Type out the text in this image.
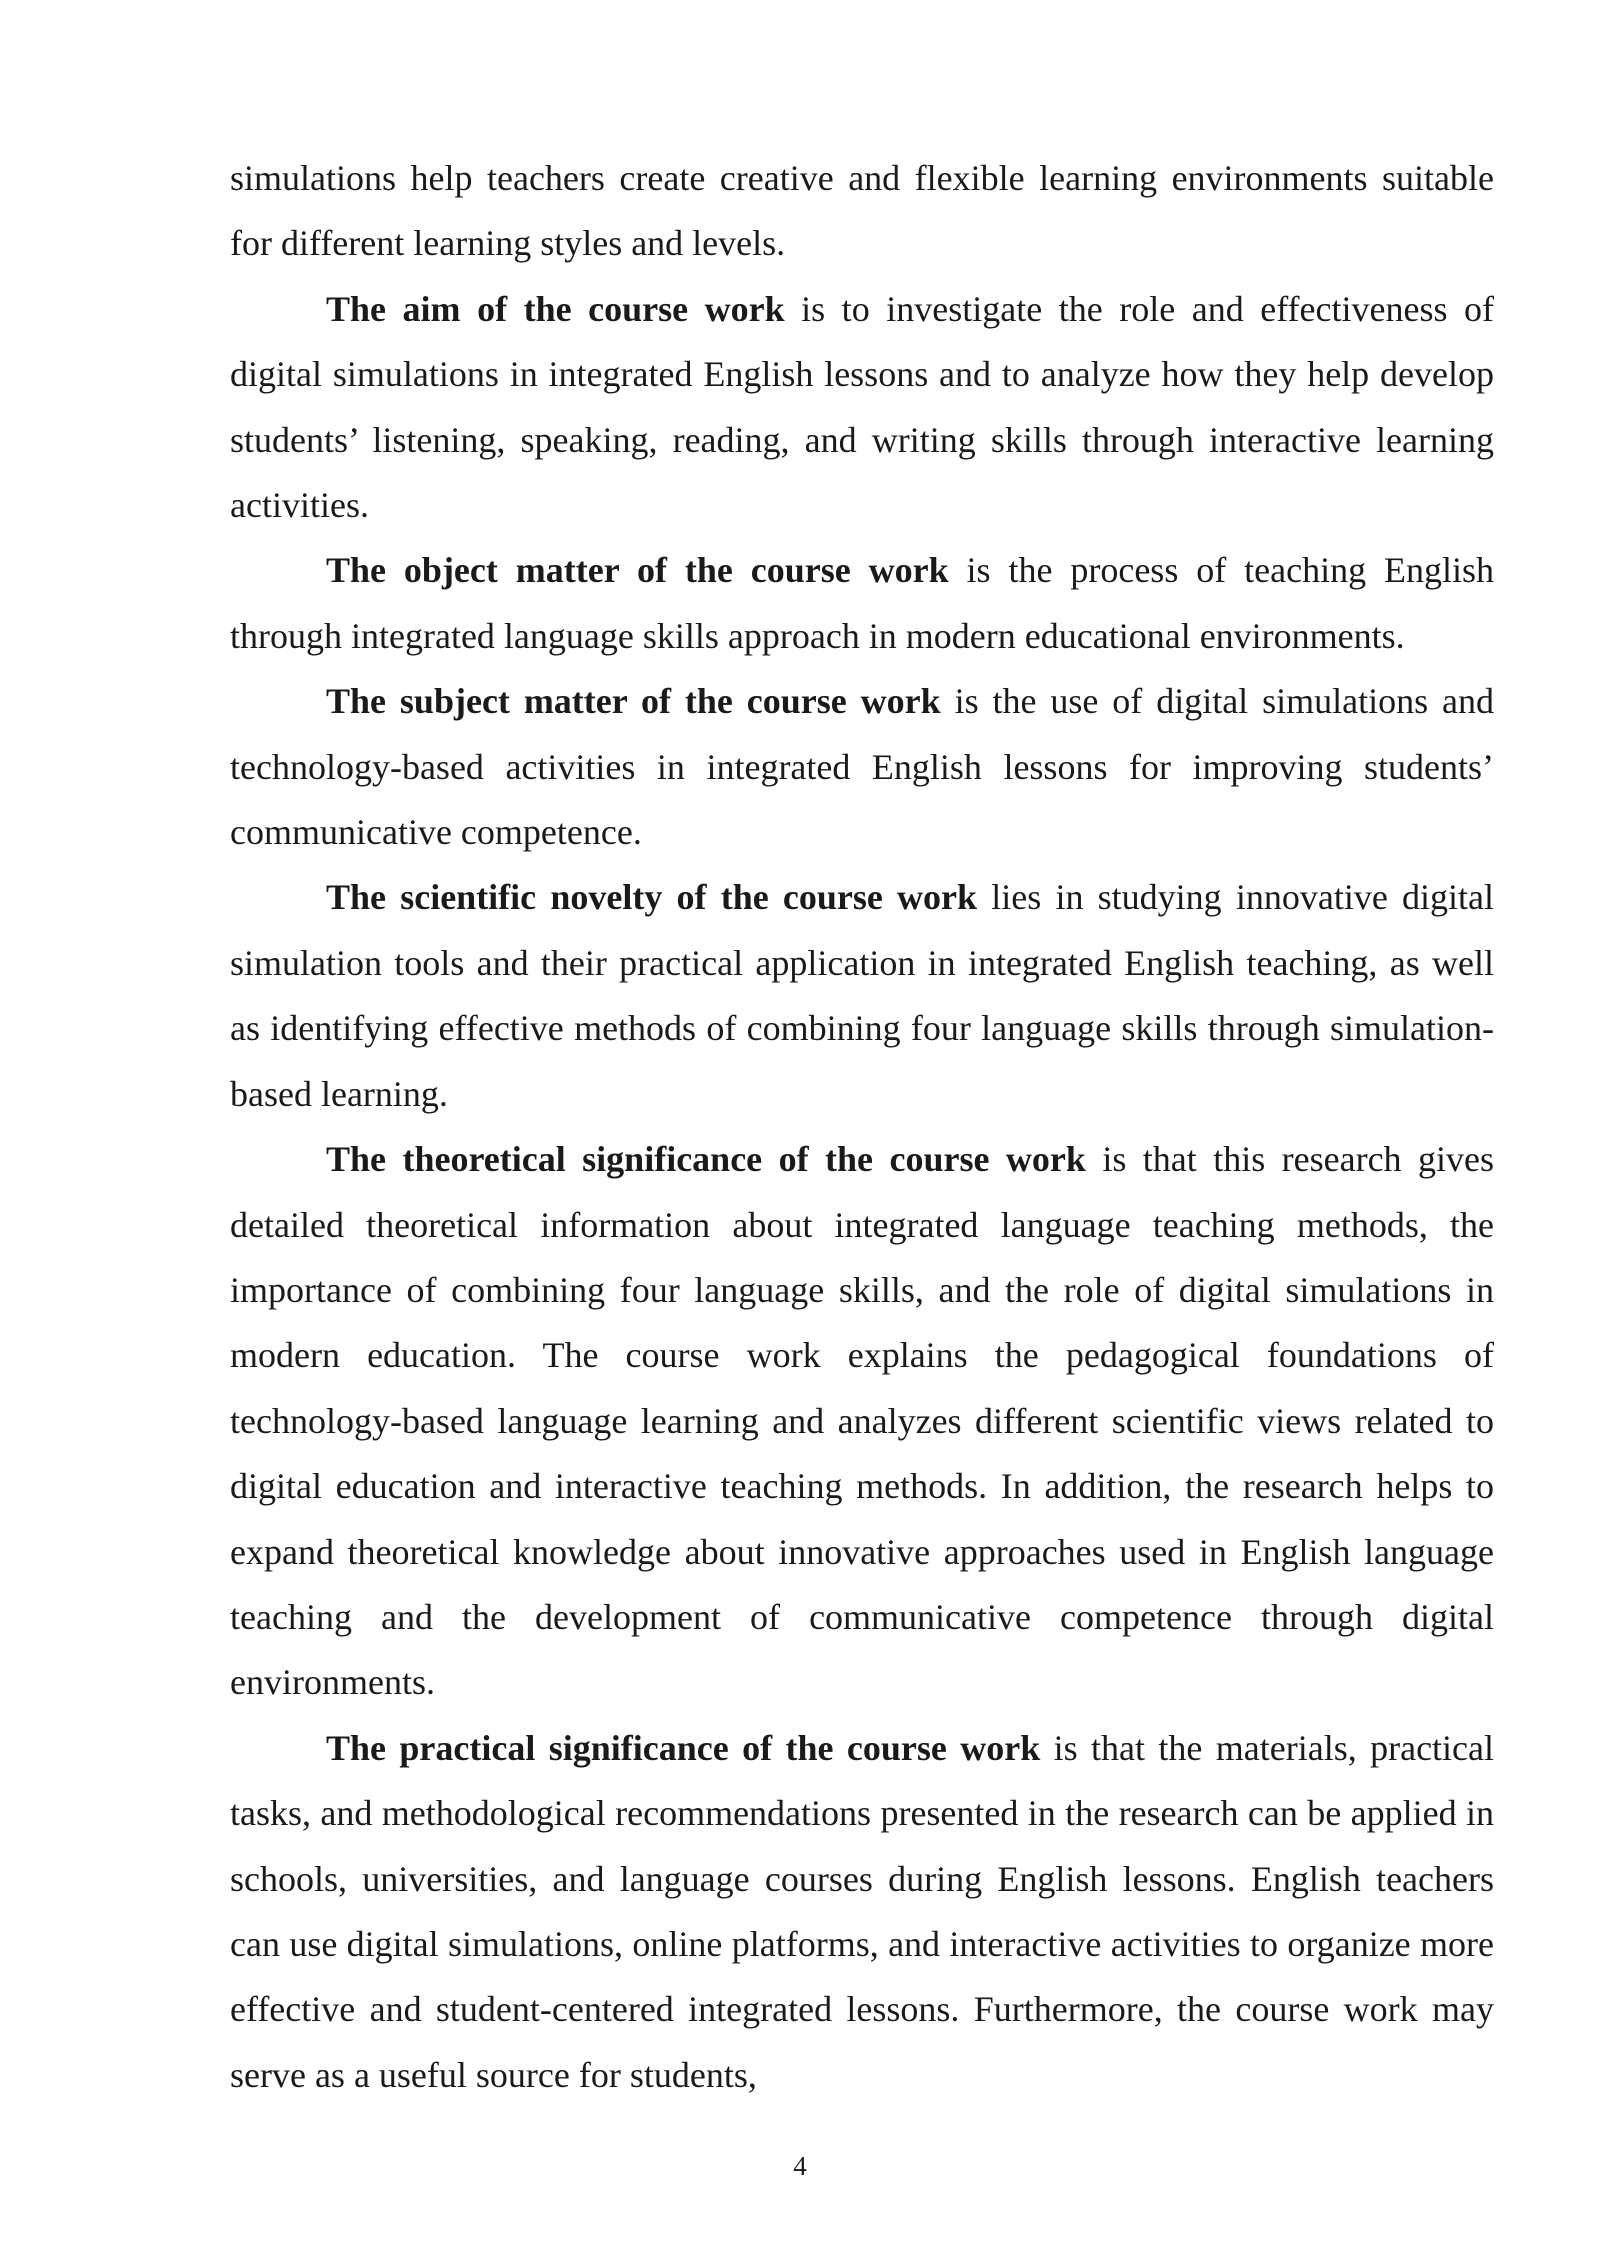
simulations help teachers create creative and flexible learning environments suitable for different learning styles and levels.

The aim of the course work is to investigate the role and effectiveness of digital simulations in integrated English lessons and to analyze how they help develop students’ listening, speaking, reading, and writing skills through interactive learning activities.

The object matter of the course work is the process of teaching English through integrated language skills approach in modern educational environments.

The subject matter of the course work is the use of digital simulations and technology-based activities in integrated English lessons for improving students’ communicative competence.

The scientific novelty of the course work lies in studying innovative digital simulation tools and their practical application in integrated English teaching, as well as identifying effective methods of combining four language skills through simulation-based learning.

The theoretical significance of the course work is that this research gives detailed theoretical information about integrated language teaching methods, the importance of combining four language skills, and the role of digital simulations in modern education. The course work explains the pedagogical foundations of technology-based language learning and analyzes different scientific views related to digital education and interactive teaching methods. In addition, the research helps to expand theoretical knowledge about innovative approaches used in English language teaching and the development of communicative competence through digital environments.

The practical significance of the course work is that the materials, practical tasks, and methodological recommendations presented in the research can be applied in schools, universities, and language courses during English lessons. English teachers can use digital simulations, online platforms, and interactive activities to organize more effective and student-centered integrated lessons. Furthermore, the course work may serve as a useful source for students,

4
